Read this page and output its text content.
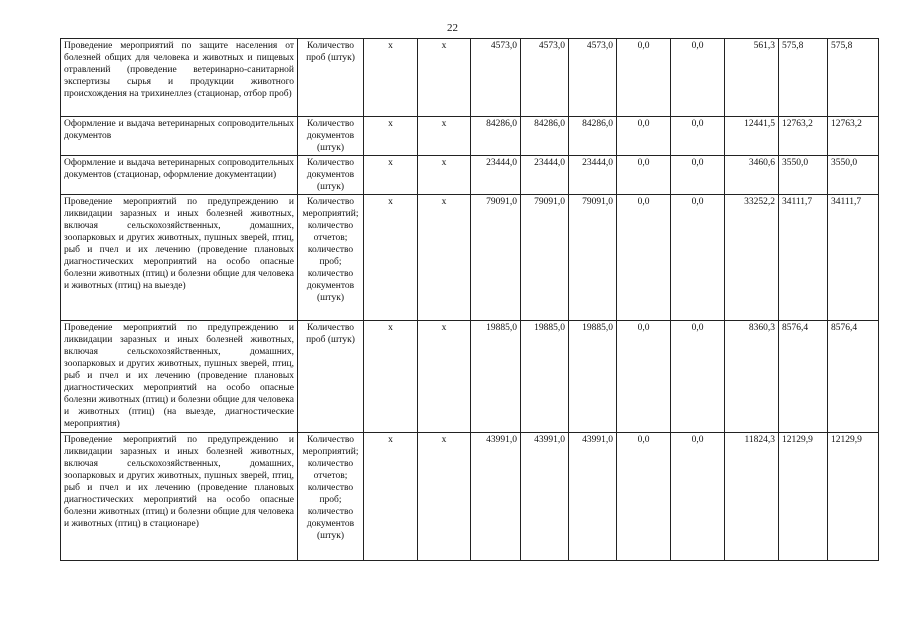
22
Проведение мероприятий по защите населения от болезней общих для человека и животных и пищевых отравлений (проведение ветеринарно-санитарной экспертизы сырья и продукции животного происхождения на трихинеллез (стационар, отбор проб)	Количество проб (штук)	х	х	4573,0	4573,0	4573,0	0,0	0,0	561,3	575,8	575,8
Оформление и выдача ветеринарных сопроводительных документов	Количество документов (штук)	х	х	84286,0	84286,0	84286,0	0,0	0,0	12441,5	12763,2	12763,2
Оформление и выдача ветеринарных сопроводительных документов (стационар, оформление документации)	Количество документов (штук)	х	х	23444,0	23444,0	23444,0	0,0	0,0	3460,6	3550,0	3550,0
Проведение мероприятий по предупреждению и ликвидации заразных и иных болезней животных, включая сельскохозяйственных, домашних, зоопарковых и других животных, пушных зверей, птиц, рыб и пчел и их лечению (проведение плановых диагностических мероприятий на особо опасные болезни животных (птиц) и болезни общие для человека и животных (птиц) на выезде)	Количество мероприятий; количество отчетов; количество проб; количество документов (штук)	х	х	79091,0	79091,0	79091,0	0,0	0,0	33252,2	34111,7	34111,7
Проведение мероприятий по предупреждению и ликвидации заразных и иных болезней животных, включая сельскохозяйственных, домашних, зоопарковых и других животных, пушных зверей, птиц, рыб и пчел и их лечению (проведение плановых диагностических мероприятий на особо опасные болезни животных (птиц) и болезни общие для человека и животных (птиц) (на выезде, диагностические мероприятия)	Количество проб (штук)	х	х	19885,0	19885,0	19885,0	0,0	0,0	8360,3	8576,4	8576,4
Проведение мероприятий по предупреждению и ликвидации заразных и иных болезней животных, включая сельскохозяйственных, домашних, зоопарковых и других животных, пушных зверей, птиц, рыб и пчел и их лечению (проведение плановых диагностических мероприятий на особо опасные болезни животных (птиц) и болезни общие для человека и животных (птиц) в стационаре)	Количество мероприятий; количество отчетов; количество проб; количество документов (штук)	х	х	43991,0	43991,0	43991,0	0,0	0,0	11824,3	12129,9	12129,9
